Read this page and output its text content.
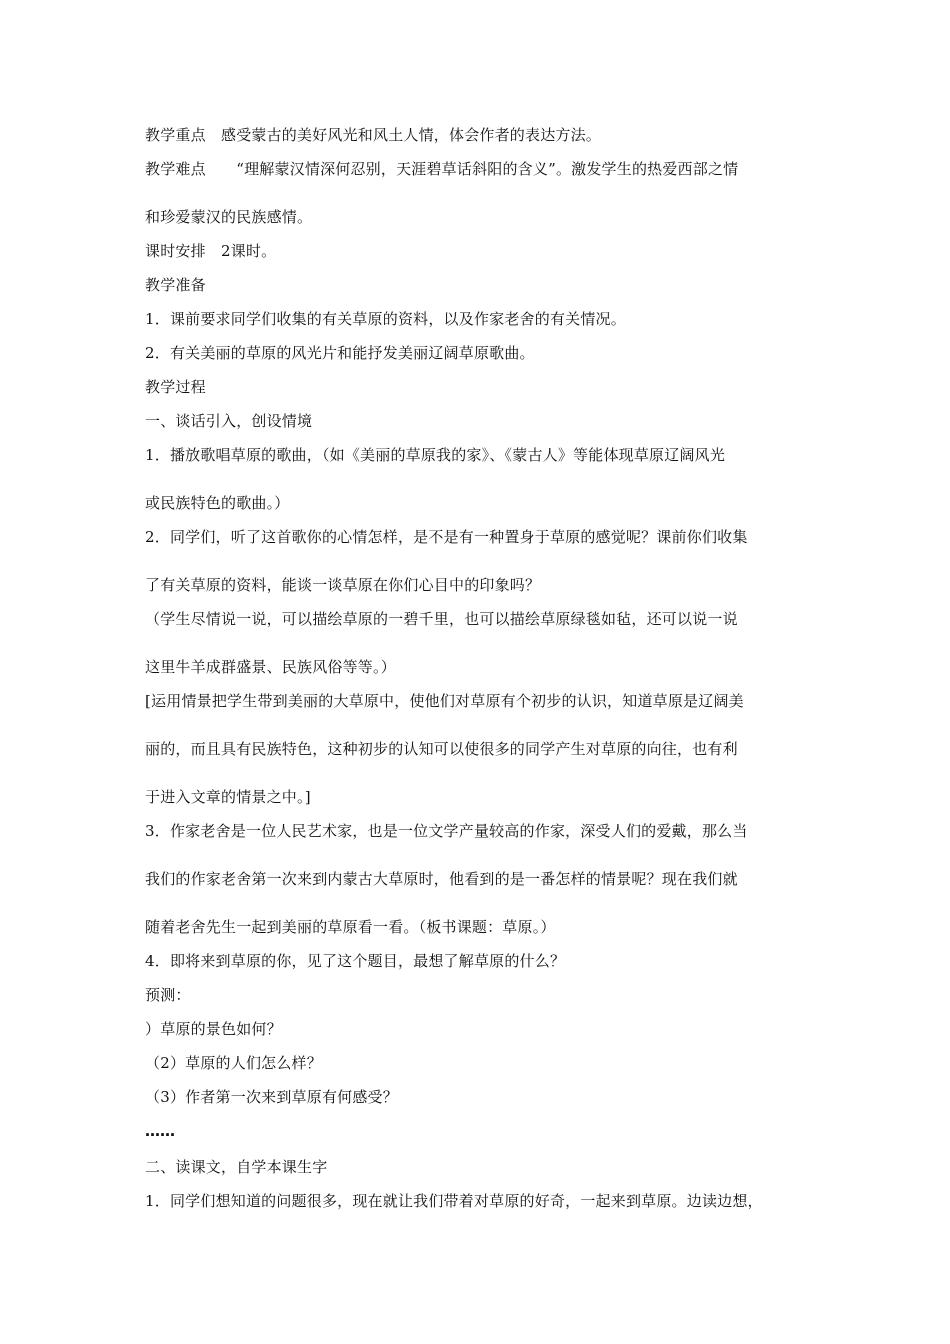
教学重点　感受蒙古的美好风光和风土人情，体会作者的表达方法。
教学难点　　“理解蒙汉情深何忍别，天涯碧草话斜阳的含义”。激发学生的热爱西部之情
和珍爱蒙汉的民族感情。
课时安排　2课时。
教学准备
1．课前要求同学们收集的有关草原的资料，以及作家老舍的有关情况。
2．有关美丽的草原的风光片和能抒发美丽辽阔草原歌曲。
教学过程
一、谈话引入，创设情境
1．播放歌唱草原的歌曲，（如《美丽的草原我的家》、《蒙古人》等能体现草原辽阔风光
或民族特色的歌曲。）
2．同学们，听了这首歌你的心情怎样，是不是有一种置身于草原的感觉呢？课前你们收集
了有关草原的资料，能谈一谈草原在你们心目中的印象吗？
（学生尽情说一说，可以描绘草原的一碧千里，也可以描绘草原绿毯如毡，还可以说一说
这里牛羊成群盛景、民族风俗等等。）
[运用情景把学生带到美丽的大草原中，使他们对草原有个初步的认识，知道草原是辽阔美
丽的，而且具有民族特色，这种初步的认知可以使很多的同学产生对草原的向往，也有利
于进入文章的情景之中。]
3．作家老舍是一位人民艺术家，也是一位文学产量较高的作家，深受人们的爱戴，那么当
我们的作家老舍第一次来到内蒙古大草原时，他看到的是一番怎样的情景呢？现在我们就
随着老舍先生一起到美丽的草原看一看。（板书课题：草原。）
4．即将来到草原的你，见了这个题目，最想了解草原的什么？
预测：
）草原的景色如何？
（2）草原的人们怎么样？
（3）作者第一次来到草原有何感受？
……
二、读课文，自学本课生字
1．同学们想知道的问题很多，现在就让我们带着对草原的好奇，一起来到草原。边读边想，
